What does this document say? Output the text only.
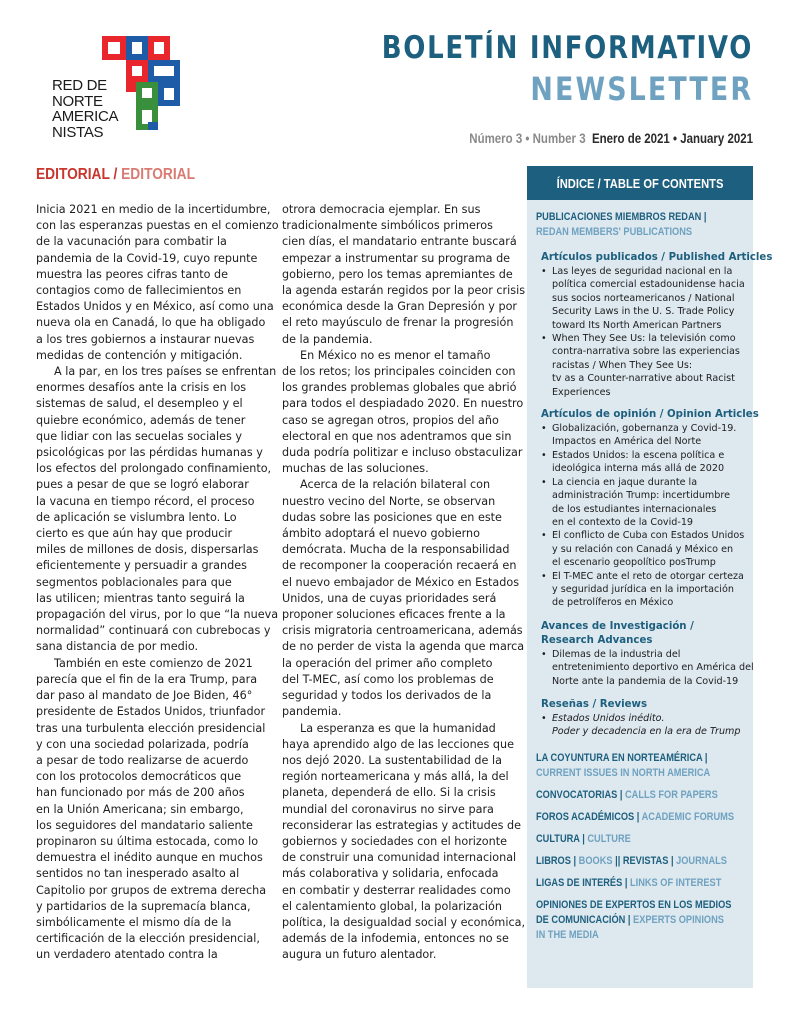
RED DE
NORTE
AMERICA
NISTAS
BOLETÍN INFORMATIVO
NEWSLETTER
Número 3 • Number 3 Enero de 2021 • January 2021
EDITORIAL / EDITORIAL

Inicia 2021 en medio de la incertidumbre,
con las esperanzas puestas en el comienzo
de la vacunación para combatir la
pandemia de la Covid-19, cuyo repunte
muestra las peores cifras tanto de
contagios como de fallecimientos en
Estados Unidos y en México, así como una
nueva ola en Canadá, lo que ha obligado
a los tres gobiernos a instaurar nuevas
medidas de contención y mitigación.

A la par, en los tres países se enfrentan
enormes desafíos ante la crisis en los
sistemas de salud, el desempleo y el
quiebre económico, además de tener
que lidiar con las secuelas sociales y
psicológicas por las pérdidas humanas y
los efectos del prolongado confinamiento,
pues a pesar de que se logró elaborar
la vacuna en tiempo récord, el proceso
de aplicación se vislumbra lento. Lo
cierto es que aún hay que producir
miles de millones de dosis, dispersarlas
eficientemente y persuadir a grandes
segmentos poblacionales para que
las utilicen; mientras tanto seguirá la
propagación del virus, por lo que “la nueva
normalidad” continuará con cubrebocas y
sana distancia de por medio.

También en este comienzo de 2021
parecía que el fin de la era Trump, para
dar paso al mandato de Joe Biden, 46°
presidente de Estados Unidos, triunfador
tras una turbulenta elección presidencial
y con una sociedad polarizada, podría
a pesar de todo realizarse de acuerdo
con los protocolos democráticos que
han funcionado por más de 200 años
en la Unión Americana; sin embargo,
los seguidores del mandatario saliente
propinaron su última estocada, como lo
demuestra el inédito aunque en muchos
sentidos no tan inesperado asalto al
Capitolio por grupos de extrema derecha
y partidarios de la supremacía blanca,
simbólicamente el mismo día de la
certificación de la elección presidencial,
un verdadero atentado contra la

otrora democracia ejemplar. En sus
tradicionalmente simbólicos primeros
cien días, el mandatario entrante buscará
empezar a instrumentar su programa de
gobierno, pero los temas apremiantes de
la agenda estarán regidos por la peor crisis
económica desde la Gran Depresión y por
el reto mayúsculo de frenar la progresión
de la pandemia.

En México no es menor el tamaño
de los retos; los principales coinciden con
los grandes problemas globales que abrió
para todos el despiadado 2020. En nuestro
caso se agregan otros, propios del año
electoral en que nos adentramos que sin
duda podría politizar e incluso obstaculizar
muchas de las soluciones.

Acerca de la relación bilateral con
nuestro vecino del Norte, se observan
dudas sobre las posiciones que en este
ámbito adoptará el nuevo gobierno
demócrata. Mucha de la responsabilidad
de recomponer la cooperación recaerá en
el nuevo embajador de México en Estados
Unidos, una de cuyas prioridades será
proponer soluciones eficaces frente a la
crisis migratoria centroamericana, además
de no perder de vista la agenda que marca
la operación del primer año completo
del T-MEC, así como los problemas de
seguridad y todos los derivados de la
pandemia.

La esperanza es que la humanidad
haya aprendido algo de las lecciones que
nos dejó 2020. La sustentabilidad de la
región norteamericana y más allá, la del
planeta, dependerá de ello. Si la crisis
mundial del coronavirus no sirve para
reconsiderar las estrategias y actitudes de
gobiernos y sociedades con el horizonte
de construir una comunidad internacional
más colaborativa y solidaria, enfocada
en combatir y desterrar realidades como
el calentamiento global, la polarización
política, la desigualdad social y económica,
además de la infodemia, entonces no se
augura un futuro alentador.

ÍNDICE / TABLE OF CONTENTS
PUBLICACIONES MIEMBROS REDAN |
REDAN MEMBERS' PUBLICATIONS
Artículos publicados / Published Articles
• Las leyes de seguridad nacional en la
política comercial estadounidense hacia
sus socios norteamericanos / National
Security Laws in the U. S. Trade Policy
toward Its North American Partners
• When They See Us: la televisión como
contra-narrativa sobre las experiencias
racistas / When They See Us:
tv as a Counter-narrative about Racist
Experiences
Artículos de opinión / Opinion Articles
• Globalización, gobernanza y Covid-19.
Impactos en América del Norte
• Estados Unidos: la escena política e
ideológica interna más allá de 2020
• La ciencia en jaque durante la
administración Trump: incertidumbre
de los estudiantes internacionales
en el contexto de la Covid-19
• El conflicto de Cuba con Estados Unidos
y su relación con Canadá y México en
el escenario geopolítico posTrump
• El T-MEC ante el reto de otorgar certeza
y seguridad jurídica en la importación
de petrolíferos en México
Avances de Investigación /
Research Advances
• Dilemas de la industria del
entretenimiento deportivo en América del
Norte ante la pandemia de la Covid-19
Reseñas / Reviews
• Estados Unidos inédito.
Poder y decadencia en la era de Trump
LA COYUNTURA EN NORTEAMÉRICA |
CURRENT ISSUES IN NORTH AMERICA
CONVOCATORIAS | CALLS FOR PAPERS
FOROS ACADÉMICOS | ACADEMIC FORUMS
CULTURA | CULTURE
LIBROS | BOOKS || REVISTAS | JOURNALS
LIGAS DE INTERÉS | LINKS OF INTEREST
OPINIONES DE EXPERTOS EN LOS MEDIOS
DE COMUNICACIÓN | EXPERTS OPINIONS
IN THE MEDIA
